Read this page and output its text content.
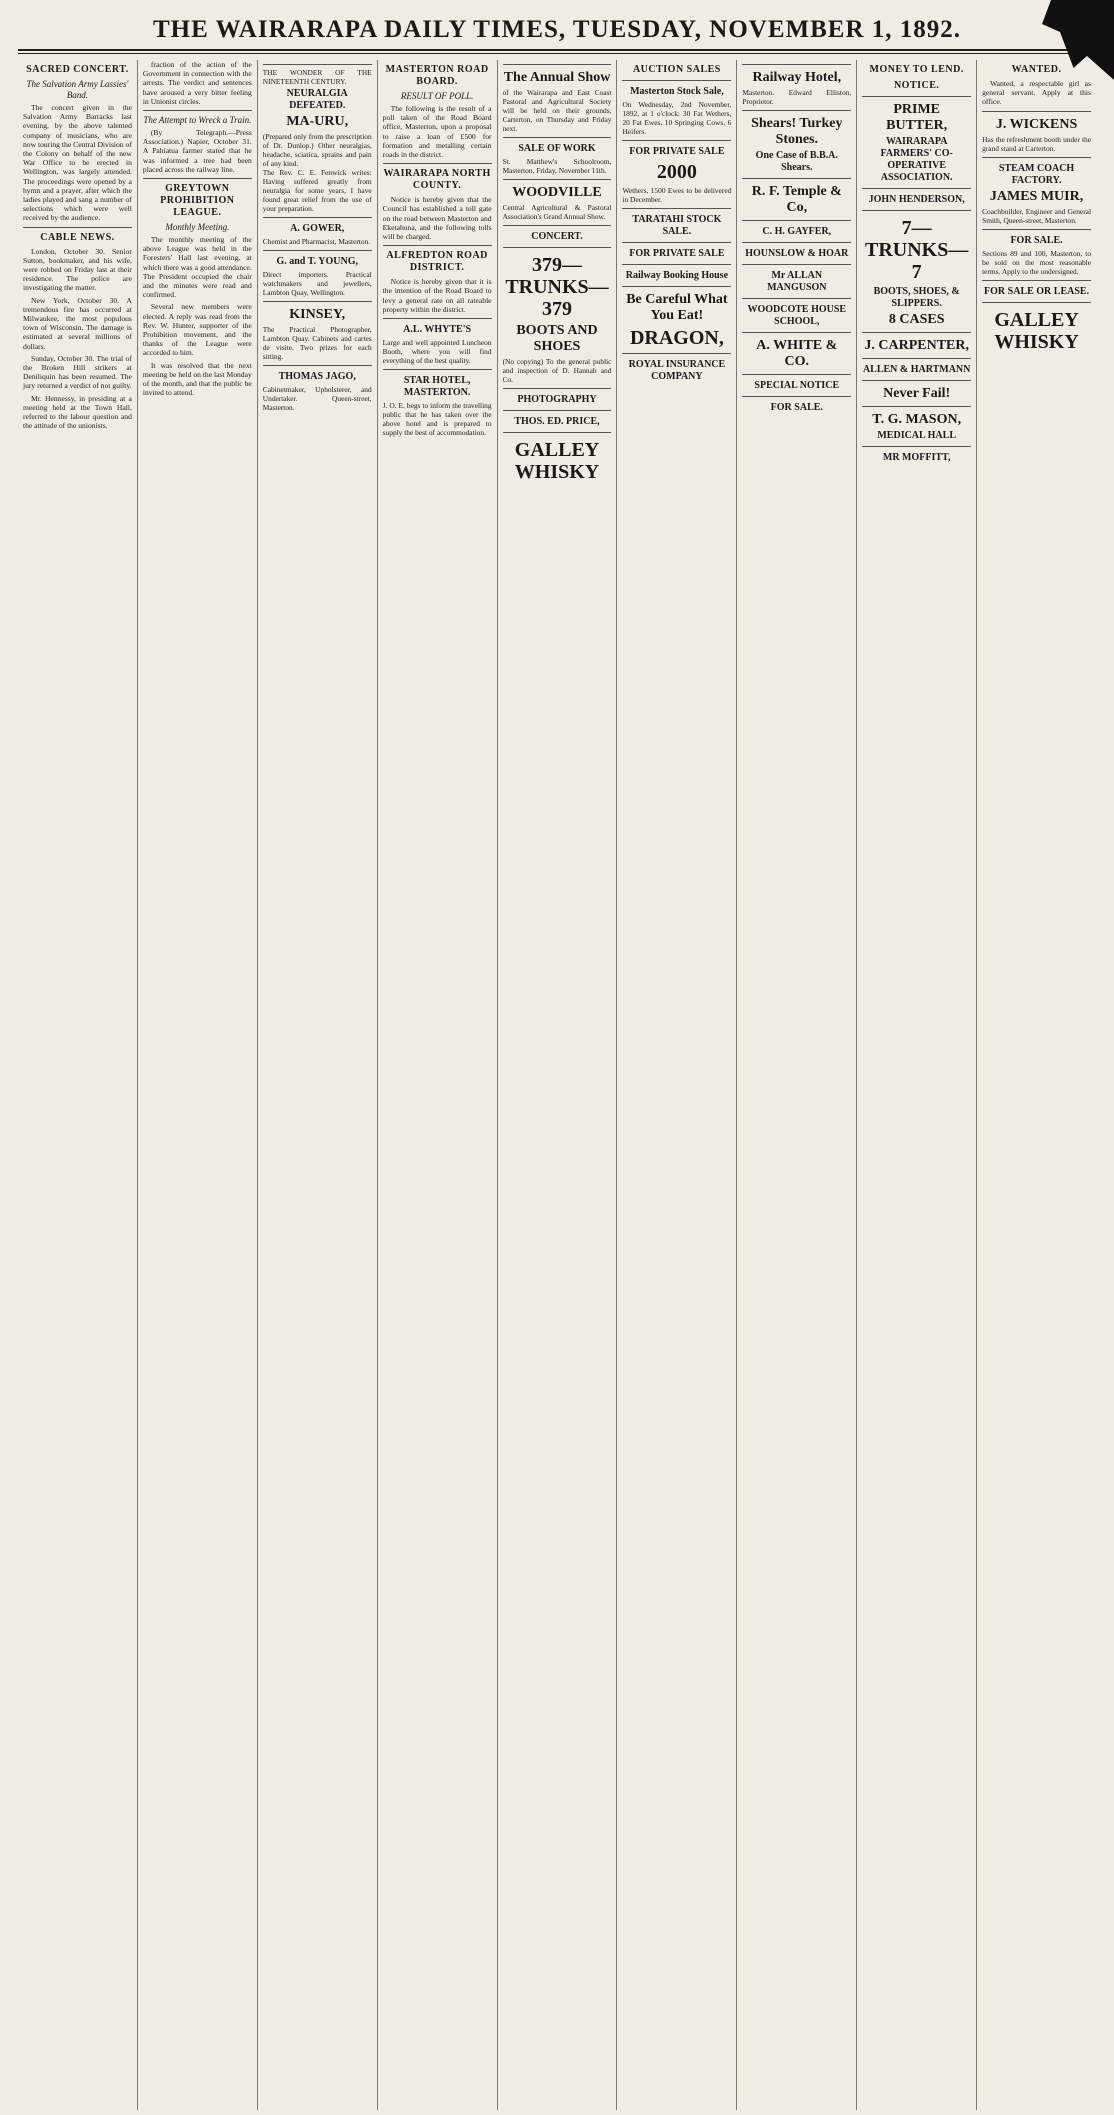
THE WAIRARAPA DAILY TIMES, TUESDAY, NOVEMBER 1, 1892.
SACRED CONCERT.
The Salvation Army Lassies' Band.

The concert given in the Salvation Army Barracks last evening, by the above talented company of musicians, who are now touring the Central Division of the Colony on behalf of the new War Office to be erected in Wellington, was largely attended. The proceedings were opened by a hymn and a prayer, after which the ladies played and sang a number of selections which were well received by the audience.

CABLE NEWS.

London, October 30. Senior Sutton, bookmaker, and his wife, were robbed on Friday last at their residence. The police are investigating the matter.

New York, October 30. A tremendous fire has occurred at Milwaukee, the most populous town of Wisconsin. The damage is estimated at several millions of dollars.

Sunday, October 30. The trial of the Broken Hill strikers at Deniliquin has been resumed. The jury returned a verdict of not guilty.

Mr. Hennessy, in presiding at a meeting held at the Town Hall, referred to the labour question and the attitude of the unionists.

fraction of the action of the Government in connection with the arrests. The verdict and sentences have aroused a very bitter feeling in Unionist circles.

The Attempt to Wreck a Train.

(By Telegraph.—Press Association.) Napier, October 31. A Pahiatua farmer stated that he was informed a tree had been placed across the railway line.

GREYTOWN PROHIBITION LEAGUE.
Monthly Meeting.

The monthly meeting of the above League was held in the Foresters' Hall last evening, at which there was a good attendance. The President occupied the chair and the minutes were read and confirmed.

Several new members were elected. A reply was read from the Rev. W. Hunter, supporter of the Prohibition movement, and the thanks of the League were accorded to him.

It was resolved that the next meeting be held on the last Monday of the month, and that the public be invited to attend.

THE WONDER OF THE NINETEENTH CENTURY.
NEURALGIA DEFEATED.
MA-URU,
(Prepared only from the prescription of Dr. Dunlop.) Other neuralgias, headache, sciatica, sprains and pain of any kind.
The Rev. C. E. Fenwick writes: Having suffered greatly from neuralgia for some years, I have found great relief from the use of your preparation.
A. GOWER,
Chemist and Pharmacist, Masterton.
G. and T. YOUNG,
Direct importers. Practical watchmakers and jewellers, Lambton Quay, Wellington.
KINSEY,
The Practical Photographer, Lambton Quay. Cabinets and cartes de visite. Two prizes for each sitting.
THOMAS JAGO,
Cabinetmaker, Upholsterer, and Undertaker. Queen-street, Masterton.
MASTERTON ROAD BOARD.
RESULT OF POLL.

The following is the result of a poll taken of the Road Board office, Masterton, upon a proposal to raise a loan of £500 for formation and metalling certain roads in the district.

WAIRARAPA NORTH COUNTY.

Notice is hereby given that the Council has established a toll gate on the road between Masterton and Eketahuna, and the following tolls will be charged.

ALFREDTON ROAD DISTRICT.

Notice is hereby given that it is the intention of the Road Board to levy a general rate on all rateable property within the district.

A.L. WHYTE'S
Large and well appointed Luncheon Booth, where you will find everything of the best quality.
STAR HOTEL, MASTERTON.
J. O. E. begs to inform the travelling public that he has taken over the above hotel and is prepared to supply the best of accommodation.
The Annual Show
of the Wairarapa and East Coast Pastoral and Agricultural Society will be held on their grounds, Carterton, on Thursday and Friday next.
SALE OF WORK
St. Matthew's Schoolroom, Masterton, Friday, November 11th.
WOODVILLE
Central Agricultural & Pastoral Association's Grand Annual Show.
CONCERT.
379—TRUNKS—379
BOOTS AND SHOES
(No copying) To the general public and inspection of D. Hannah and Co.
PHOTOGRAPHY
THOS. ED. PRICE,
GALLEY WHISKY
AUCTION SALES
Masterton Stock Sale,
On Wednesday, 2nd November, 1892, at 1 o'clock: 30 Fat Wethers, 20 Fat Ewes, 10 Springing Cows, 6 Heifers.
FOR PRIVATE SALE
2000
Wethers, 1500 Ewes to be delivered in December.
TARATAHI STOCK SALE.
FOR PRIVATE SALE
Railway Booking House
Be Careful What You Eat!
DRAGON,
ROYAL INSURANCE COMPANY
Railway Hotel,
Masterton. Edward Elliston, Proprietor.
Shears! Turkey Stones.
One Case of B.B.A. Shears.
R. F. Temple & Co,
C. H. GAYFER,
HOUNSLOW & HOAR
Mr ALLAN MANGUSON
WOODCOTE HOUSE SCHOOL,
A. WHITE & CO.
SPECIAL NOTICE
FOR SALE.
MONEY TO LEND.
NOTICE.
PRIME BUTTER,
WAIRARAPA FARMERS' CO-OPERATIVE ASSOCIATION.
JOHN HENDERSON,
7—TRUNKS—7
BOOTS, SHOES, & SLIPPERS.
8 CASES
J. CARPENTER,
ALLEN & HARTMANN
Never Fail!
T. G. MASON,
MEDICAL HALL
MR MOFFITT,
WANTED.

Wanted, a respectable girl as general servant. Apply at this office.

J. WICKENS
Has the refreshment booth under the grand stand at Carterton.
STEAM COACH FACTORY.
JAMES MUIR,
Coachbuilder, Engineer and General Smith, Queen-street, Masterton.
FOR SALE.
Sections 89 and 100, Masterton, to be sold on the most reasonable terms. Apply to the undersigned.
FOR SALE OR LEASE.
GALLEY WHISKY
